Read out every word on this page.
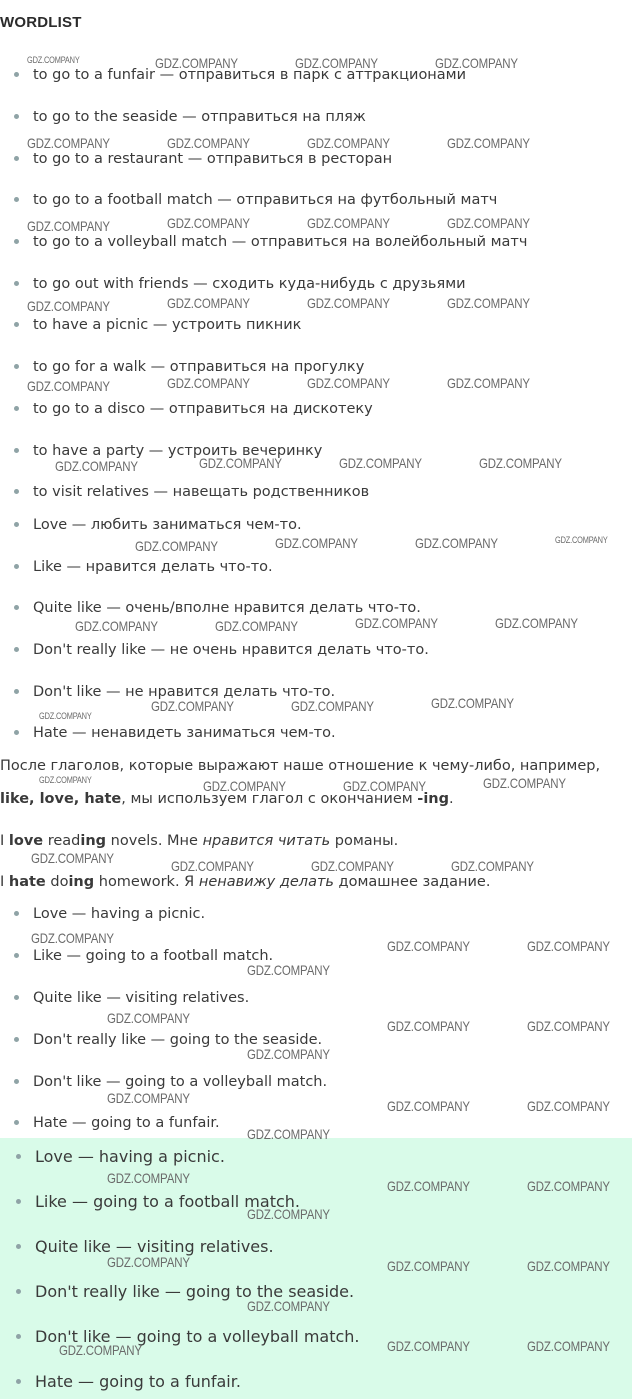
WORDLIST
to go to a funfair — отправиться в парк с аттракционами
to go to the seaside — отправиться на пляж
to go to a restaurant — отправиться в ресторан
to go to a football match — отправиться на футбольный матч
to go to a volleyball match — отправиться на волейбольный матч
to go out with friends — сходить куда-нибудь с друзьями
to have a picnic — устроить пикник
to go for a walk — отправиться на прогулку
to go to a disco — отправиться на дискотеку
to have a party — устроить вечеринку
to visit relatives — навещать родственников
Love — любить заниматься чем-то.
Like — нравится делать что-то.
Quite like — очень/вполне нравится делать что-то.
Don't really like — не очень нравится делать что-то.
Don't like — не нравится делать что-то.
Hate — ненавидеть заниматься чем-то.
После глаголов, которые выражают наше отношение к чему-либо, например,
like, love, hate, мы используем глагол с окончанием -ing.
I love reading novels. Мне нравится читать романы.
I hate doing homework. Я ненавижу делать домашнее задание.
Love — having a picnic.
Like — going to a football match.
Quite like — visiting relatives.
Don't really like — going to the seaside.
Don't like — going to a volleyball match.
Hate — going to a funfair.
Love — having a picnic.
Like — going to a football match.
Quite like — visiting relatives.
Don't really like — going to the seaside.
Don't like — going to a volleyball match.
Hate — going to a funfair.
GDZ.COMPANY	GDZ.COMPANY	GDZ.COMPANY	GDZ.COMPANY
GDZ.COMPANY	GDZ.COMPANY	GDZ.COMPANY	GDZ.COMPANY
GDZ.COMPANY	GDZ.COMPANY	GDZ.COMPANY	GDZ.COMPANY
GDZ.COMPANY	GDZ.COMPANY	GDZ.COMPANY	GDZ.COMPANY
GDZ.COMPANY	GDZ.COMPANY	GDZ.COMPANY	GDZ.COMPANY
GDZ.COMPANY	GDZ.COMPANY	GDZ.COMPANY	GDZ.COMPANY
GDZ.COMPANY	GDZ.COMPANY	GDZ.COMPANY	GDZ.COMPANY
GDZ.COMPANY	GDZ.COMPANY	GDZ.COMPANY	GDZ.COMPANY
GDZ.COMPANY
GDZ.COMPANY	GDZ.COMPANY	GDZ.COMPANY
GDZ.COMPANY	GDZ.COMPANY	GDZ.COMPANY	GDZ.COMPANY
GDZ.COMPANY	GDZ.COMPANY	GDZ.COMPANY	GDZ.COMPANY
GDZ.COMPANY	GDZ.COMPANY	GDZ.COMPANY
GDZ.COMPANY
GDZ.COMPANY	GDZ.COMPANY	GDZ.COMPANY
GDZ.COMPANY
GDZ.COMPANY	GDZ.COMPANY	GDZ.COMPANY
GDZ.COMPANY
GDZ.COMPANY	GDZ.COMPANY	GDZ.COMPANY
GDZ.COMPANY
GDZ.COMPANY	GDZ.COMPANY	GDZ.COMPANY
GDZ.COMPANY
GDZ.COMPANY	GDZ.COMPANY	GDZ.COMPANY
